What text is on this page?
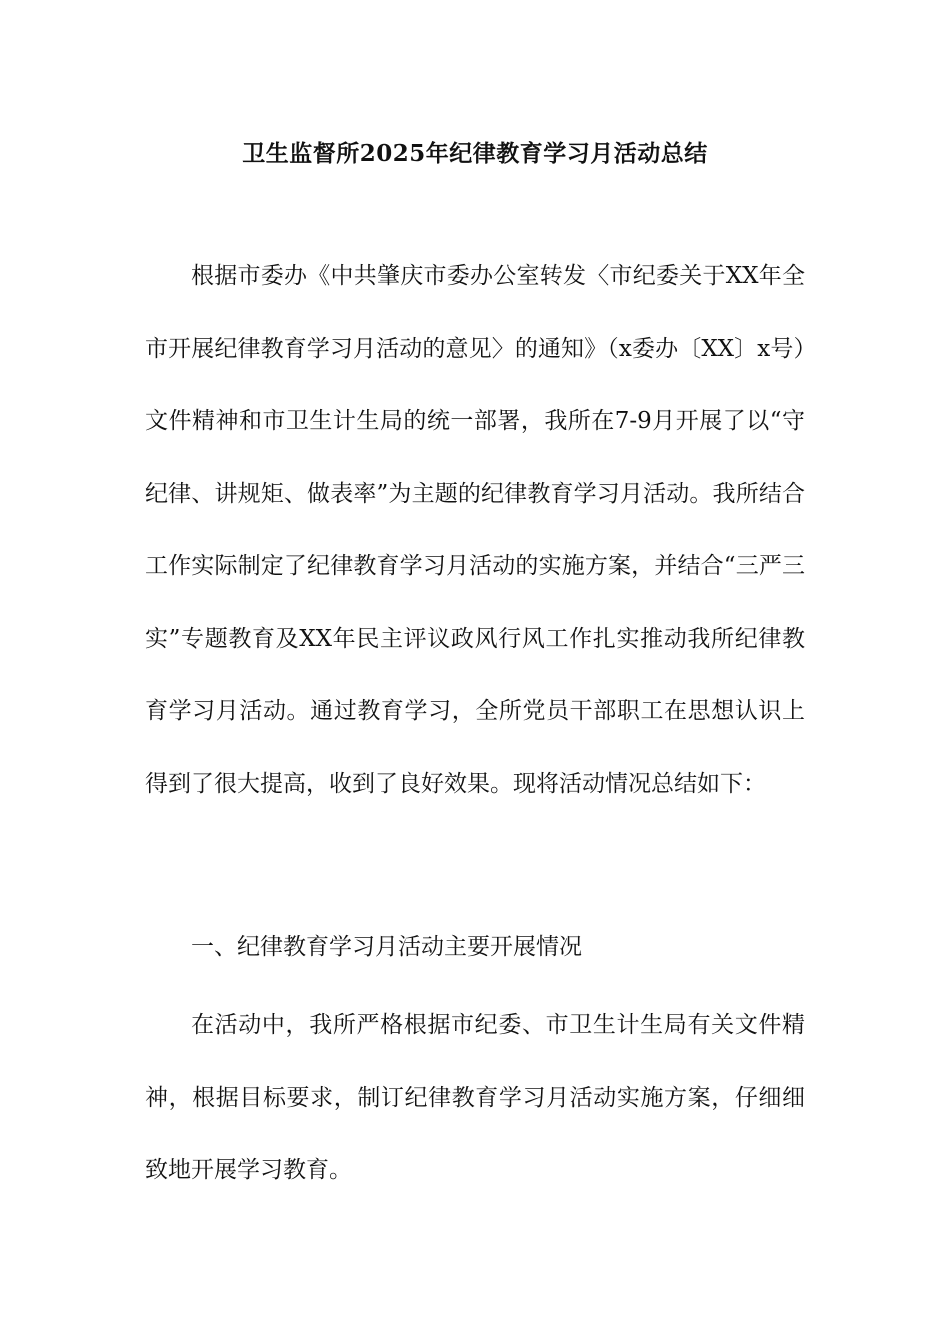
卫生监督所2025年纪律教育学习月活动总结

根据市委办《中共肇庆市委办公室转发〈市纪委关于XX年全市开展纪律教育学习月活动的意见〉的通知》（x委办〔XX〕x号）文件精神和市卫生计生局的统一部署，我所在7-9月开展了以“守纪律、讲规矩、做表率”为主题的纪律教育学习月活动。我所结合工作实际制定了纪律教育学习月活动的实施方案，并结合“三严三实”专题教育及XX年民主评议政风行风工作扎实推动我所纪律教育学习月活动。通过教育学习，全所党员干部职工在思想认识上得到了很大提高，收到了良好效果。现将活动情况总结如下：

一、纪律教育学习月活动主要开展情况

在活动中，我所严格根据市纪委、市卫生计生局有关文件精神，根据目标要求，制订纪律教育学习月活动实施方案，仔细细致地开展学习教育。
